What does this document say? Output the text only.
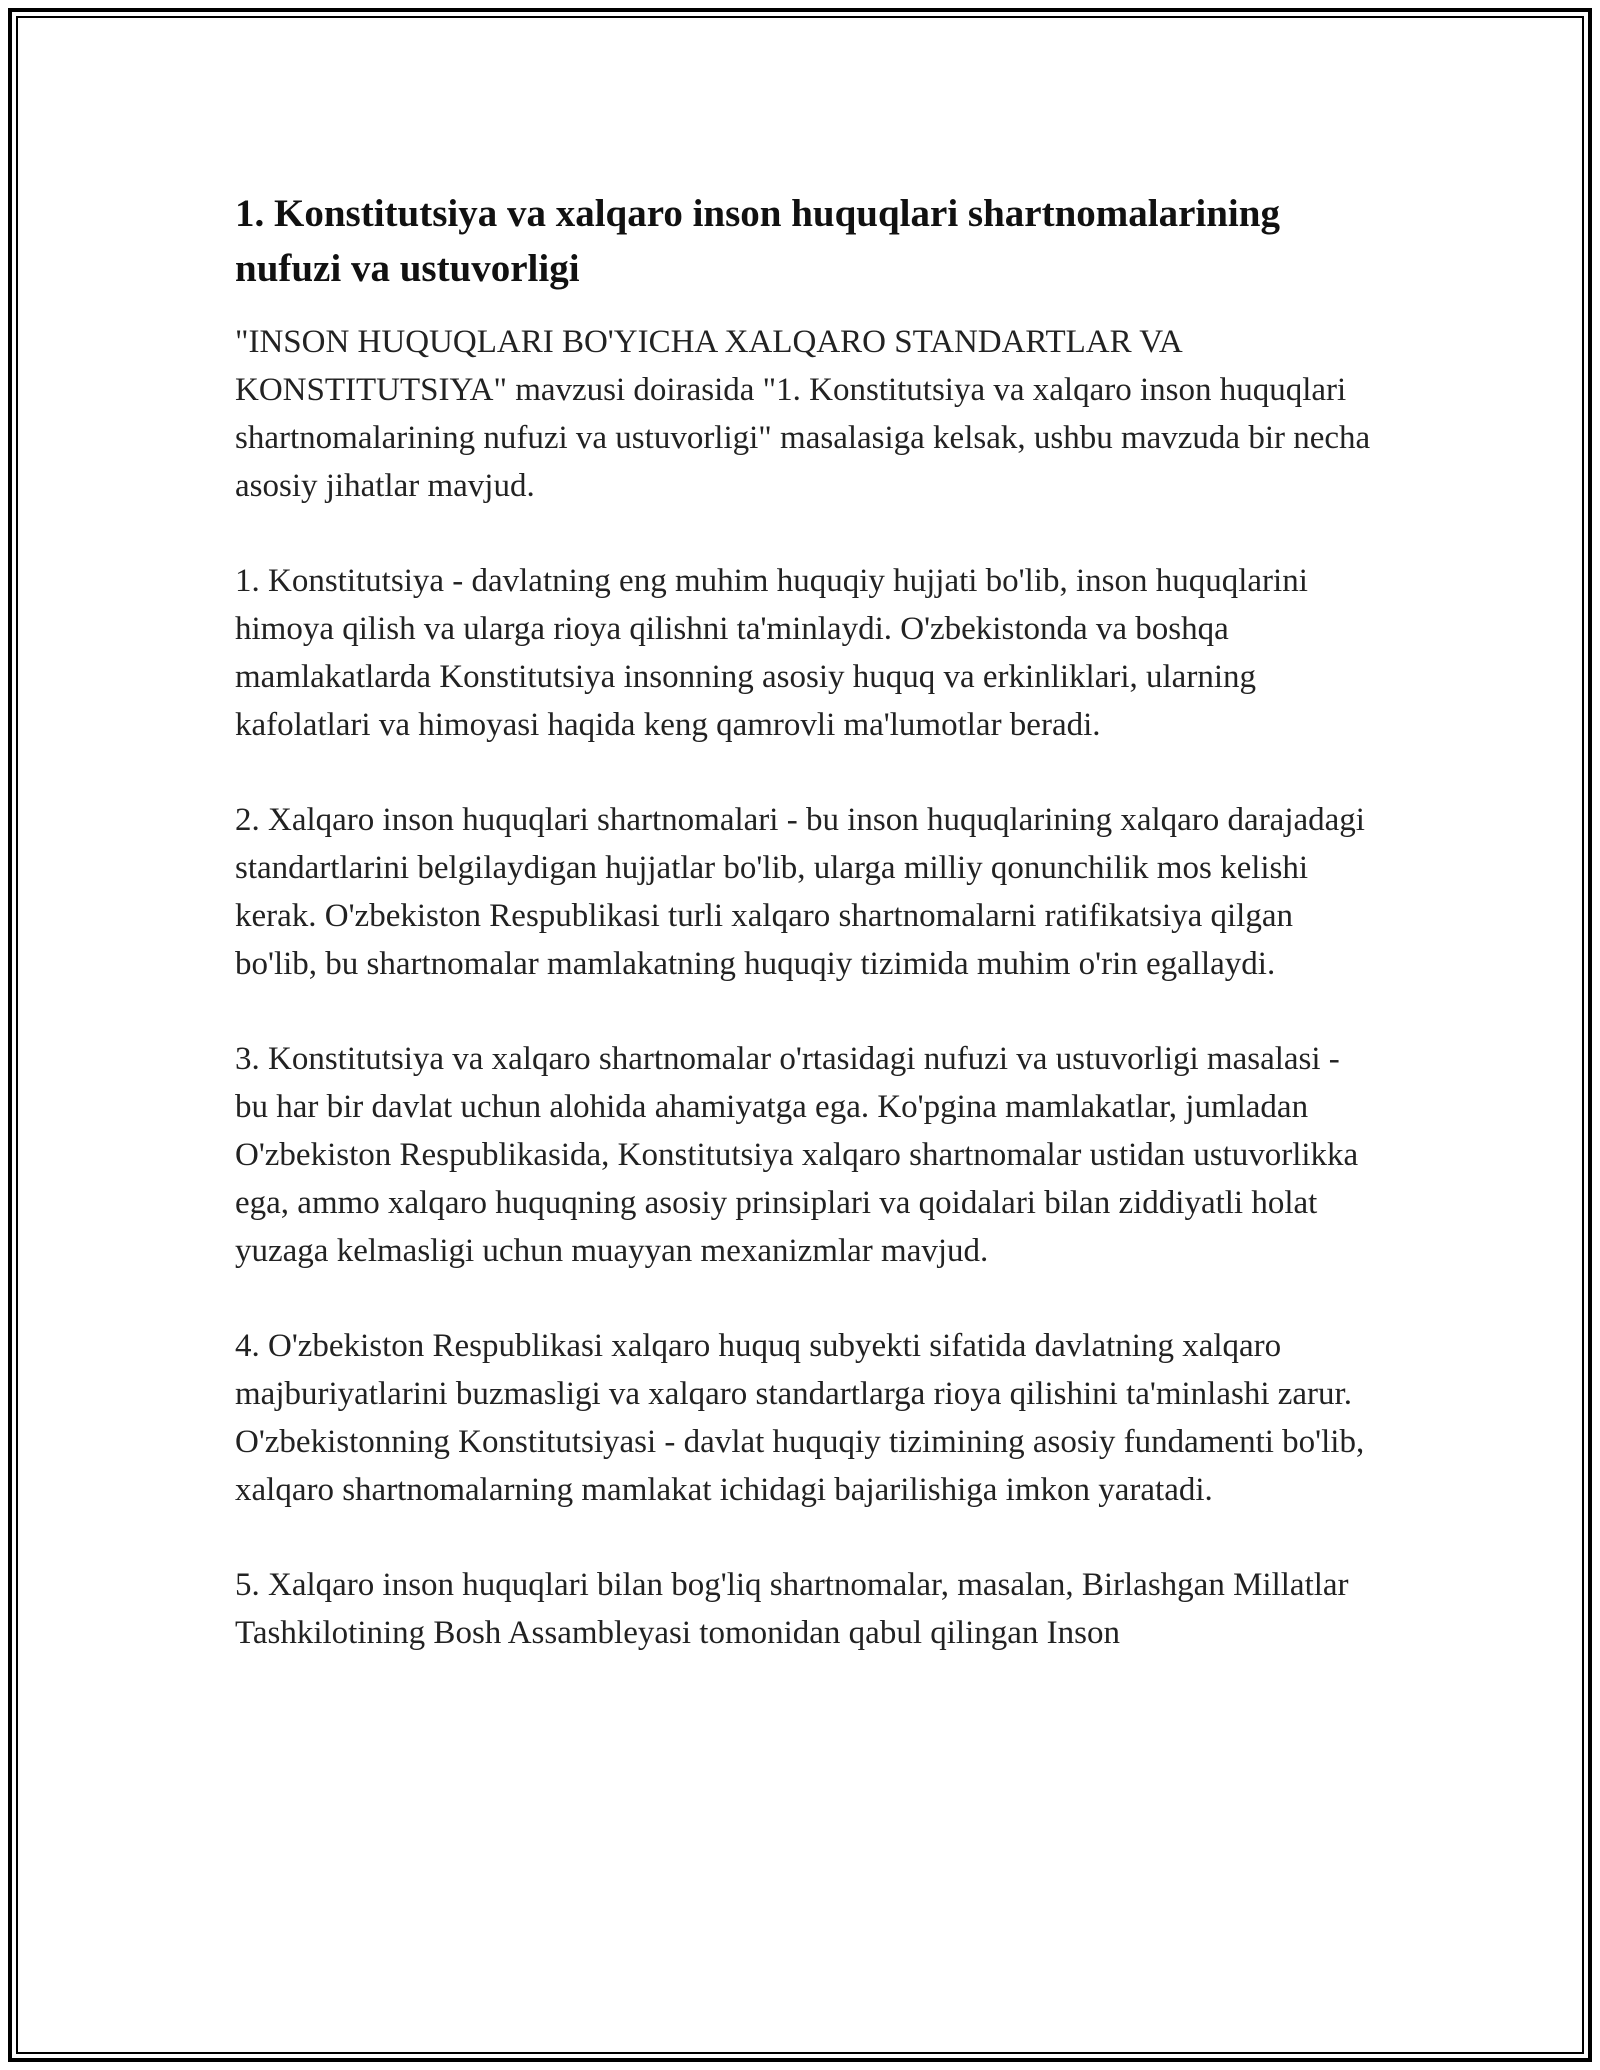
1. Konstitutsiya va xalqaro inson huquqlari shartnomalarining nufuzi va ustuvorligi

"INSON HUQUQLARI BO'YICHA XALQARO STANDARTLAR VA KONSTITUTSIYA" mavzusi doirasida "1. Konstitutsiya va xalqaro inson huquqlari shartnomalarining nufuzi va ustuvorligi" masalasiga kelsak, ushbu mavzuda bir necha asosiy jihatlar mavjud.

1. Konstitutsiya - davlatning eng muhim huquqiy hujjati bo'lib, inson huquqlarini himoya qilish va ularga rioya qilishni ta'minlaydi. O'zbekistonda va boshqa mamlakatlarda Konstitutsiya insonning asosiy huquq va erkinliklari, ularning kafolatlari va himoyasi haqida keng qamrovli ma'lumotlar beradi.

2. Xalqaro inson huquqlari shartnomalari - bu inson huquqlarining xalqaro darajadagi standartlarini belgilaydigan hujjatlar bo'lib, ularga milliy qonunchilik mos kelishi kerak. O'zbekiston Respublikasi turli xalqaro shartnomalarni ratifikatsiya qilgan bo'lib, bu shartnomalar mamlakatning huquqiy tizimida muhim o'rin egallaydi.

3. Konstitutsiya va xalqaro shartnomalar o'rtasidagi nufuzi va ustuvorligi masalasi - bu har bir davlat uchun alohida ahamiyatga ega. Ko'pgina mamlakatlar, jumladan O'zbekiston Respublikasida, Konstitutsiya xalqaro shartnomalar ustidan ustuvorlikka ega, ammo xalqaro huquqning asosiy prinsiplari va qoidalari bilan ziddiyatli holat yuzaga kelmasligi uchun muayyan mexanizmlar mavjud.

4. O'zbekiston Respublikasi xalqaro huquq subyekti sifatida davlatning xalqaro majburiyatlarini buzmasligi va xalqaro standartlarga rioya qilishini ta'minlashi zarur. O'zbekistonning Konstitutsiyasi - davlat huquqiy tizimining asosiy fundamenti bo'lib, xalqaro shartnomalarning mamlakat ichidagi bajarilishiga imkon yaratadi.

5. Xalqaro inson huquqlari bilan bog'liq shartnomalar, masalan, Birlashgan Millatlar Tashkilotining Bosh Assambleyasi tomonidan qabul qilingan Inson
